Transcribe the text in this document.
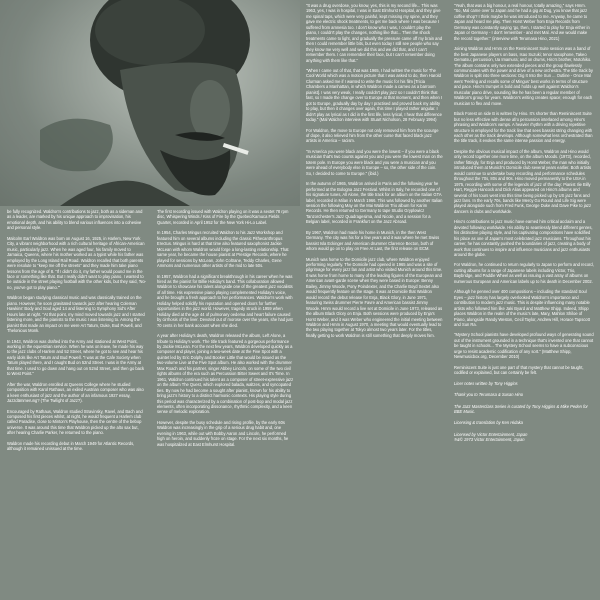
be fully recognized. Waldron's contributions to jazz, both as a sideman and as a leader, are marked by his unique approach to improvisation, his emotional depth, and his ability to blend various influences into a cohesive and personal style.

Malcolm Earl Waldron was born on August 16, 1925, in Harlem, New York City, a vibrant neighborhood with a rich cultural heritage of African-American music, particularly jazz. When he was aged four, his family moved to Jamaica, Queens, where his mother worked as a typist while his father was employed by the Long Island Rail Road. Waldron recalled that both parents were resolute to "keep me off the streets" and they made him take piano lessons from the age of 8. "If I didn't do it, my father would pound me in the face or something like that. But I really didn't want to play piano. I wanted to be outside in the street playing football with the other kids, but they said, 'No-no, you've got to play piano.'"

Waldron began studying classical music and was classically trained on the piano. However, he soon gravitated towards jazz after hearing Coleman Hawkins' Body and Soul aged 14 and listening to Symphony Sid's After Hours late at night. "At that point, my mind moved towards jazz and I started listening more, and the pianists to the music I was listening to. Among the pianist that made an impact on me were Art Tatum, Duke, Bud Powell, and Thelonious Monk.

In 1943, Waldron was drafted into the Army and stationed at West Point, working in the equestrian service. When he was on leave, he made his way to the jazz clubs of Harlem and 52 Street, where he got to see and hear his early idols like Art Tatum and Bud Powell. "I was at the Cafe Society when Tatum played there, and I caught Bud on 52nd Street. I was in the Army at that time. I used to go down and hang out on 52nd Street, and then go back to West Point."

After the war, Waldron enrolled at Queens College where he studied composition with Karol Rathaus, an exiled Austrian composer who was also a keen enthusiast of jazz and the author of an infamous 1927 essay, Jazzdämmerung? (The Twilight of Jazz?).

Encouraged by Rathaus, Waldron studied Stravinsky, Ravel, and Bach and composed his first pieces whilst, at night, he would frequent a Harlem club called Paradise, close to Minton's Playhouse, then the centre of the bebop universe. It was around this time that Waldron picked up the alto sax but, after hearing Charlie Parker, he returned to the piano.

Waldron made his recording debut in March 1949 for Atlantic Records, although it remained unissued at the time.

The first recording issued with Waldron playing on it was a sextet 78 rpm disc, Whispering Winds / Kiss of Fire by the Quebec/Kamuca Fields Quartet, recorded in April 1952 for the New York Hi-Lo Label.

In 1954, Charles Mingus recruited Waldron to his Jazz Workshop and featured him on several albums including the classic Pithecanthropus Erectus. Mingus is hard at that time also featured saxophonist Jackie McLean with whom Waldron would forge a long-lasting relationship. That same year, he became the house pianist at Prestige Records, where he played for sessions by McLean, John Coltrane, Teddy Charles, Gene Ammons and numerous other artists of the mid to late 50s.

In 1957, Waldron had a significant breakthrough in his career when he was hired as the pianist for Billie Holiday's band. This collaboration allowed Waldron to showcase his talent alongside one of the greatest jazz vocalists of all time. His expressive piano playing complemented Holiday's voice, and he brought a fresh approach to her performances. Waldron's work with Holiday helped solidify his reputation and opened doors for further opportunities in the jazz world. However, tragedy struck in 1959 when Holiday died at the age 44 of pulmonary oedema and heart failure caused by cirrhosis of the liver. Devoted out of morose over the years, she had just 70 cents in her bank account when she died.

A year after Holiday's death, Waldron released the album, Left Alone, a tribute to Holiday's work. The title track featured a gorgeous performance by Jackie McLean. For the next few years, Waldron developed quickly as a composer and player, joining a two-week date at the Five Spot with a quintet led by Eric Dolphy and Booker Little that would be issued as the two-volume Live at the Five Spot album. He also worked with the drummer Max Roach and his partner, singer Abbey Lincoln, on some of the two civil rights albums of the era such as Percussion Bitter Sweet and It's Time. In 1961, Waldron continued his talent as a composer of street-expressive jazz on the album The Quest, which explored balada, waltzes, and syncopated ties. By now he had become a sought after pianist, known for his ability to bring jazz's history to a distinct harmonic contexts. His playing style during this period was characterized by a combination of post-bop and modal jazz elements, often incorporating dissonance, rhythmic complexity, and a keen sense of melodic exploration.

However, despite the busy schedule and rising profile, by the early 60s Waldron was increasingly in the grip of a serious drug habit and, one evening in 1963, while out with Bobby Aaron and Lincoln, he performed high on heroin, and suddenly froze on stage. For the next six months, he was hospitalized at East Elmhurst Hospital.

"It was a drug overdose, you know, yes, this is my second life... This was 1963, yes, I was in hospital, I was in East Elmhurst Hospital, and they give me spinal taps, which were very painful, kept missing my spine, and they gave me electric shock treatments, to get me back where I was because I suffered from amnesia too. I don't know who I was, I couldn't play the piano, I couldn't play the changes, nothing like that... Then the shock treatments came to light, and gradually the pressure came off my brain and then I could remember little bits, but even today I still see people who say they know me very well and we did this and we did that, and I can't remember them. I can remember their face, but I can't remember doing anything with them like that."

"When I came out of that, that was 1965, I had written the music for The Cool World which was a motion picture that I was asked to do, then Harold Clurman asked me if I wanted to write the music for his film [Tricia Chambers a Manhattan, in which Waldron made a cameo as a barroom pianist]. I was very weak, I really couldn't play jazz so I couldn't think that fast, so I made the change over to Europe at that moment, and then when I got to Europe, gradually day by day I practised and proved back my ability to play, but then it changes over again, this time I played rather angular. I didn't play as lyrical as I did in the first life, less lyrical, I hear that difference today." (Mal Waldron interview with Stuart Nicholson, 28 February 1994)

For Waldron, the move to Europe not only removed him from the scourge of dope, it also relieved him from the other curse that faced black jazz artists in America – racism.

"In America you were black and you were the lowest – if you were a black musician that's two counts against you and you were the lowest man on the totem pole. In Europe you were black and you were a musician and you were ahead of everybody else in Europe – so, the other side of the coin. So, I decided to come to Europe." (ibid.)

In the autumn of 1965, Waldron arrived in Paris and the following year he performed at the Bologna Jazz Festival. Whilst in Italy, he recorded one of his signature tunes, All Alone, the title track for an album on the Italian GTA label, recorded in Milan in March 1966. This was followed by another Italian session the following May on the Mai Waldron Trio album for Karim Records. He then returned to Germany to tape Studio Gryplowicz Tanzorchester's Jazz Quadragesima, and Nicole, and a session for a Belgian label, recorded in Frankfurt on the Jazz Abroad.

By 1967, Waldron had made his home in Munich, in the then West Germany. The city was his for a few years and it was where he met Swiss bassist Isla Eckinger and American drummer Clarence Becton, both of whom would go on to play on Free At Last, the first release on ECM.

Munich was home to the Domicile jazz club, where Waldron enjoyed performing regularly. The Domicile had opened in 1965 and was a site of pilgrimage for every jazz fan and artist who visited Munich around this time. It was home from home to many of the leading figures of the European and American avant-garde scene when they were based in Europe: Benny Bailey, Jimmy Woode, Pony Poindexter, and the Charlie Boyd Sextet also would frequently feature on the stage. It was at Domicile that Waldron would record the debut release for Enja, Black Glory, in June 1971, featuring Swiss drummer Pierre Favre and American bassist Jimmy Woode. Hmm would record a live set at Domicile in June 1973, released as the album Black Glory on Enja. Both sessions were produced by Enja's Horst Weber, and it was Weber who engineered the initial meeting between Waldron and Hmm in August 1970, a meeting that would eventually lead to the two playing together at Tokyo almost two years later. For the titles, finally getting to work Waldron is still something that deeply moves him.

"Yeah, that was a big honour, a real honour, totally amazing," says Hmm. "So, Mal came over to Japan and he had a gig at Dug, you know that jazz coffee shop? I think maybe he was introduced to me. Anyway, he came to Japan and heard me play. Then Horst Weber from Enja Records from Germany was constantly saying 'go, then, I started to play for Enja either in Japan or Germany - I don't remember - and met Mal. And we would make the record together." (interview with Terumasa Hino, 2021)

Joining Waldron and Hmm on the Reminiscent Suite session was a band of the best Japanese players on bass, Isao Suzuki; tenor saxophone, Takeo Gematsu; percussion, Ua Imamura; and on drums, Hiro's brother, Motohiko. The album contains only two extended pieces and the group flawlessly communicates with the power and drive of a new orchestra. The title track by Waldron is split into three sections: Dig It Into the Sun ... Outline - Once Mal went 'Feeling and recalls some of Mingus' best works in terms of structure and pace. Hino's trumpet is bold and holds up well against Waldron's muscular piano drive, sounding like he has been a regular member of Waldron's group for years. Waldron's writing creates space; enough for each musician to flex and move.

Black Forest on side B is written by Hino. It's shorter than Reminiscent Suite but no less effective with dense afro percussion interlaced among Hino's phrasing and Waldron's vamps. A heavier rhythm with a driving repetitive structure is employed for the track line that sees bassist string changing with each other as the track develops. Although somewhat less orchestrated than the title track, it evokes the same intense passion and energy.

Despite the obvious musical impact of the album, Waldron and Hino would only record together one more time, on the album Moods. (1973), recorded, rather fittingly, for Enja and produced by Horst Weber, the man who initially introduced them at Munich's Domicile club several years earlier. Both artists would continue to undertake busy recording and performance schedules throughout the 70s, 80s and 90s. Hino moved permanently to the USA in 1975, recording with some of the legends of jazz of the day: Pianist Ilie Billy Hart, Reggie Hancock and Dick Alias appeared on Hino's albums and several of his tours went into this time being picked up by US jazz fans and jazz fans. In the early 70s, bands like Mercy Go Round and Life Sig were played alongside such from Fred Funk, George Duke and Dave Pike to jazz dancers in clubs and worldwide.

Hino's contributions to jazz music have earned him critical acclaim and a devoted following worldwide. His ability to seamlessly blend different genres, his distinctive playing style, and his captivating compositions have solidified his place as one of Japan's most celebrated jazz musicians. Throughout his career, he has constantly pushed the boundaries of jazz, creating a body of work that continues to inspire and influence musicians and jazz enthusiasts around the globe.

For Waldron, he continued to return regularly to Japan to perform and record, cutting albums for a range of Japanese labels including Victor, Trio, Baybridge, and Paddle Wheel as well as issuing a vast array of albums on numerous European and American labels up to his death in December 2002.

Although he penned over 400 compositions – including the standard Soul Eyes – jazz history has largely overlooked Waldron's importance and contribution to modern jazz music. This is despite influencing many notable artists who followed him like Jaki Byard and Matthew Shipp. Indeed, Shipp places Waldron in the realm of the music's late, Mary, Mahlon Shiloe of Piano, alongside Randy Weston, Cecil Taylor, Andrew Hill, Horace Tapscott and Sun Ra.

"Mystery School pianists have developed profound ways of generating sound out of the instrument grounded in a technique that's invented one that cannot be taught in schools... The Mystery School seems to have a subconscious urge to resist academic codification of any sort." (Matthew Shipp, Newmusicbox.org, December 2010)

Reminiscent Suite is just one part of that mystery that cannot be taught, codified or explained, but can certainly be felt.

Liner notes written by Tony Higgins

Thank you to Terumasa & Susan Hino

The Jazz Masterclass Series is curated by Tony Higgins & Mike Peden for BBE Music.

Licensing & translation by Ken Hidaka

Licensed by Victor Entertainment, Japan
℗&© 1973 Victor Entertainment, Japan
